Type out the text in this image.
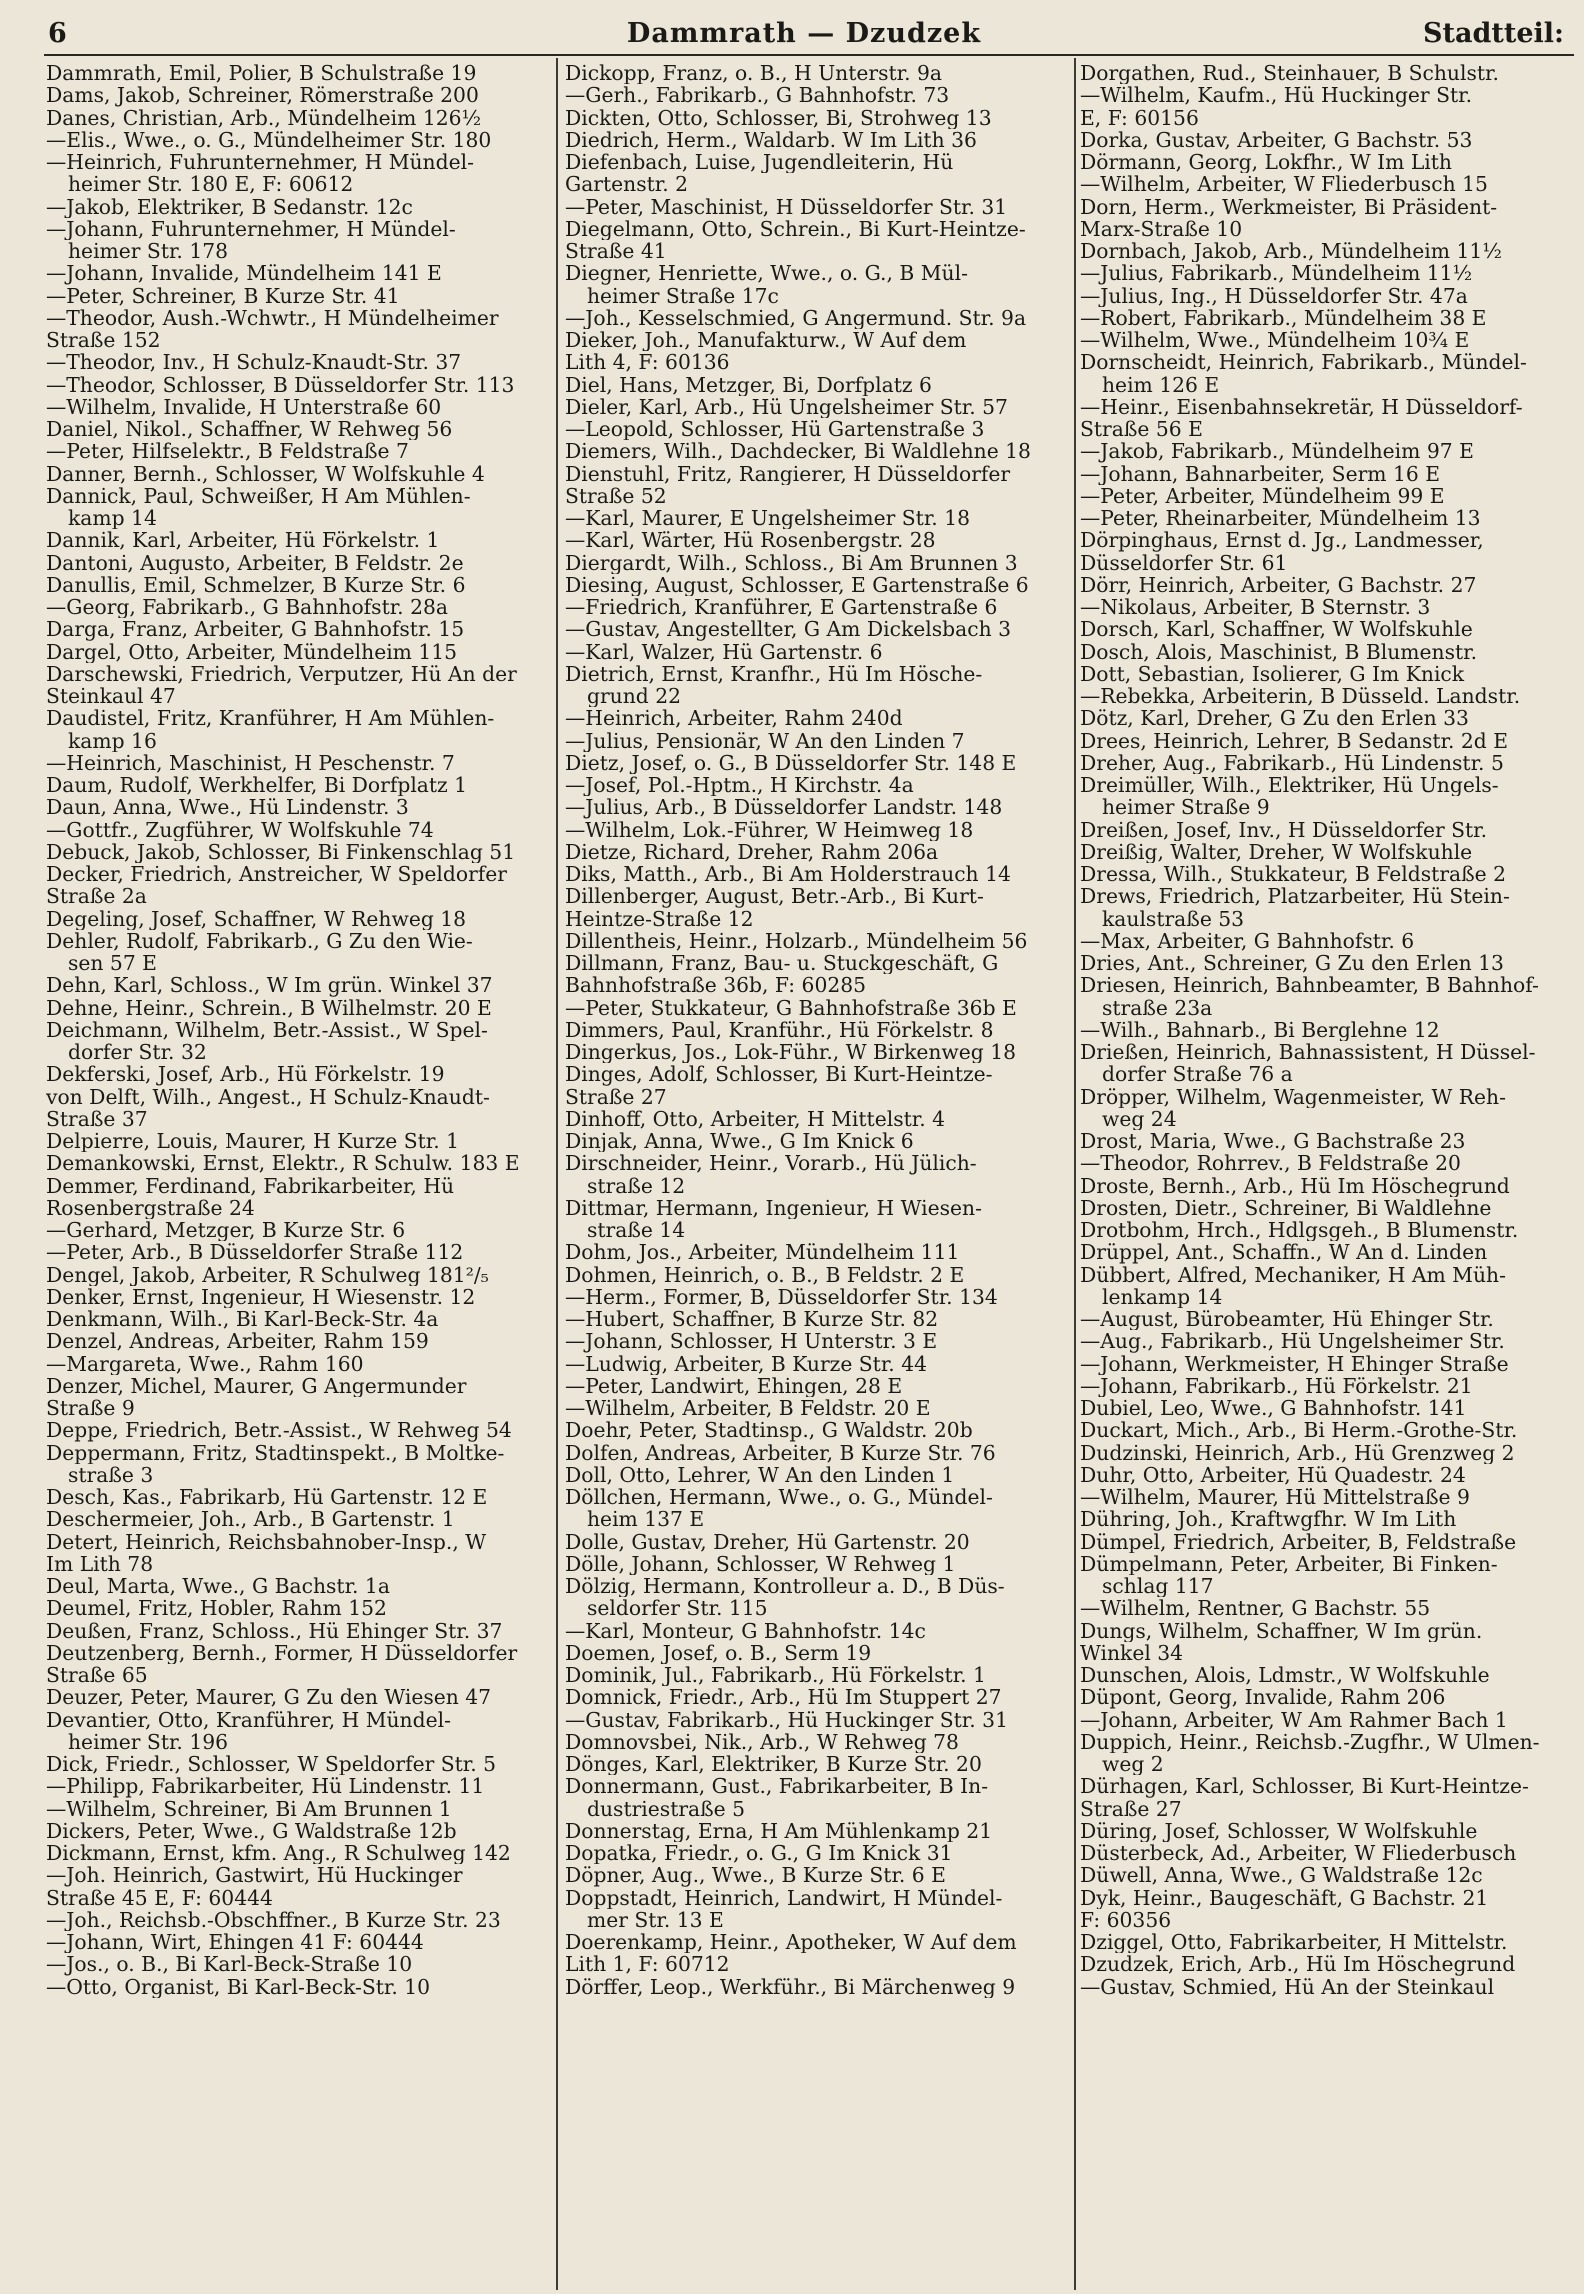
6	Dammrath — Dzudzek	Stadtteil:
Dammrath, Emil, Polier, B Schulstraße 19
Dams, Jakob, Schreiner, Römerstraße 200
Danes, Christian, Arb., Mündelheim 126½
—Elis., Wwe., o. G., Mündelheimer Str. 180
—Heinrich, Fuhrunternehmer, H Mündel-
heimer Str. 180 E, F: 60612
—Jakob, Elektriker, B Sedanstr. 12c
—Johann, Fuhrunternehmer, H Mündel-
heimer Str. 178
—Johann, Invalide, Mündelheim 141 E
—Peter, Schreiner, B Kurze Str. 41
—Theodor, Aush.-Wchwtr., H Mündelheimer
Straße 152
—Theodor, Inv., H Schulz-Knaudt-Str. 37
—Theodor, Schlosser, B Düsseldorfer Str. 113
—Wilhelm, Invalide, H Unterstraße 60
Daniel, Nikol., Schaffner, W Rehweg 56
—Peter, Hilfselektr., B Feldstraße 7
Danner, Bernh., Schlosser, W Wolfskuhle 4
Dannick, Paul, Schweißer, H Am Mühlen-
kamp 14
Dannik, Karl, Arbeiter, Hü Förkelstr. 1
Dantoni, Augusto, Arbeiter, B Feldstr. 2e
Danullis, Emil, Schmelzer, B Kurze Str. 6
—Georg, Fabrikarb., G Bahnhofstr. 28a
Darga, Franz, Arbeiter, G Bahnhofstr. 15
Dargel, Otto, Arbeiter, Mündelheim 115
Darschewski, Friedrich, Verputzer, Hü An der
Steinkaul 47
Daudistel, Fritz, Kranführer, H Am Mühlen-
kamp 16
—Heinrich, Maschinist, H Peschenstr. 7
Daum, Rudolf, Werkhelfer, Bi Dorfplatz 1
Daun, Anna, Wwe., Hü Lindenstr. 3
—Gottfr., Zugführer, W Wolfskuhle 74
Debuck, Jakob, Schlosser, Bi Finkenschlag 51
Decker, Friedrich, Anstreicher, W Speldorfer
Straße 2a
Degeling, Josef, Schaffner, W Rehweg 18
Dehler, Rudolf, Fabrikarb., G Zu den Wie-
sen 57 E
Dehn, Karl, Schloss., W Im grün. Winkel 37
Dehne, Heinr., Schrein., B Wilhelmstr. 20 E
Deichmann, Wilhelm, Betr.-Assist., W Spel-
dorfer Str. 32
Dekferski, Josef, Arb., Hü Förkelstr. 19
von Delft, Wilh., Angest., H Schulz-Knaudt-
Straße 37
Delpierre, Louis, Maurer, H Kurze Str. 1
Demankowski, Ernst, Elektr., R Schulw. 183 E
Demmer, Ferdinand, Fabrikarbeiter, Hü
Rosenbergstraße 24
—Gerhard, Metzger, B Kurze Str. 6
—Peter, Arb., B Düsseldorfer Straße 112
Dengel, Jakob, Arbeiter, R Schulweg 181²/₅
Denker, Ernst, Ingenieur, H Wiesenstr. 12
Denkmann, Wilh., Bi Karl-Beck-Str. 4a
Denzel, Andreas, Arbeiter, Rahm 159
—Margareta, Wwe., Rahm 160
Denzer, Michel, Maurer, G Angermunder
Straße 9
Deppe, Friedrich, Betr.-Assist., W Rehweg 54
Deppermann, Fritz, Stadtinspekt., B Moltke-
straße 3
Desch, Kas., Fabrikarb, Hü Gartenstr. 12 E
Deschermeier, Joh., Arb., B Gartenstr. 1
Detert, Heinrich, Reichsbahnober-Insp., W
Im Lith 78
Deul, Marta, Wwe., G Bachstr. 1a
Deumel, Fritz, Hobler, Rahm 152
Deußen, Franz, Schloss., Hü Ehinger Str. 37
Deutzenberg, Bernh., Former, H Düsseldorfer
Straße 65
Deuzer, Peter, Maurer, G Zu den Wiesen 47
Devantier, Otto, Kranführer, H Mündel-
heimer Str. 196
Dick, Friedr., Schlosser, W Speldorfer Str. 5
—Philipp, Fabrikarbeiter, Hü Lindenstr. 11
—Wilhelm, Schreiner, Bi Am Brunnen 1
Dickers, Peter, Wwe., G Waldstraße 12b
Dickmann, Ernst, kfm. Ang., R Schulweg 142
—Joh. Heinrich, Gastwirt, Hü Huckinger
Straße 45 E, F: 60444
—Joh., Reichsb.-Obschffner., B Kurze Str. 23
—Johann, Wirt, Ehingen 41 F: 60444
—Jos., o. B., Bi Karl-Beck-Straße 10
—Otto, Organist, Bi Karl-Beck-Str. 10
Dickopp, Franz, o. B., H Unterstr. 9a
—Gerh., Fabrikarb., G Bahnhofstr. 73
Dickten, Otto, Schlosser, Bi, Strohweg 13
Diedrich, Herm., Waldarb. W Im Lith 36
Diefenbach, Luise, Jugendleiterin, Hü
Gartenstr. 2
—Peter, Maschinist, H Düsseldorfer Str. 31
Diegelmann, Otto, Schrein., Bi Kurt-Heintze-
Straße 41
Diegner, Henriette, Wwe., o. G., B Mül-
heimer Straße 17c
—Joh., Kesselschmied, G Angermund. Str. 9a
Dieker, Joh., Manufakturw., W Auf dem
Lith 4, F: 60136
Diel, Hans, Metzger, Bi, Dorfplatz 6
Dieler, Karl, Arb., Hü Ungelsheimer Str. 57
—Leopold, Schlosser, Hü Gartenstraße 3
Diemers, Wilh., Dachdecker, Bi Waldlehne 18
Dienstuhl, Fritz, Rangierer, H Düsseldorfer
Straße 52
—Karl, Maurer, E Ungelsheimer Str. 18
—Karl, Wärter, Hü Rosenbergstr. 28
Diergardt, Wilh., Schloss., Bi Am Brunnen 3
Diesing, August, Schlosser, E Gartenstraße 6
—Friedrich, Kranführer, E Gartenstraße 6
—Gustav, Angestellter, G Am Dickelsbach 3
—Karl, Walzer, Hü Gartenstr. 6
Dietrich, Ernst, Kranfhr., Hü Im Höschе-
grund 22
—Heinrich, Arbeiter, Rahm 240d
—Julius, Pensionär, W An den Linden 7
Dietz, Josef, o. G., B Düsseldorfer Str. 148 E
—Josef, Pol.-Hptm., H Kirchstr. 4a
—Julius, Arb., B Düsseldorfer Landstr. 148
—Wilhelm, Lok.-Führer, W Heimweg 18
Dietze, Richard, Dreher, Rahm 206a
Diks, Matth., Arb., Bi Am Holderstrauch 14
Dillenberger, August, Betr.-Arb., Bi Kurt-
Heintze-Straße 12
Dillentheis, Heinr., Holzarb., Mündelheim 56
Dillmann, Franz, Bau- u. Stuckgeschäft, G
Bahnhofstraße 36b, F: 60285
—Peter, Stukkateur, G Bahnhofstraße 36b E
Dimmers, Paul, Kranführ., Hü Förkelstr. 8
Dingerkus, Jos., Lok-Führ., W Birkenweg 18
Dinges, Adolf, Schlosser, Bi Kurt-Heintze-
Straße 27
Dinhoff, Otto, Arbeiter, H Mittelstr. 4
Dinjak, Anna, Wwe., G Im Knick 6
Dirschneider, Heinr., Vorarb., Hü Jülich-
straße 12
Dittmar, Hermann, Ingenieur, H Wiesen-
straße 14
Dohm, Jos., Arbeiter, Mündelheim 111
Dohmen, Heinrich, o. B., B Feldstr. 2 E
—Herm., Former, B, Düsseldorfer Str. 134
—Hubert, Schaffner, B Kurze Str. 82
—Johann, Schlosser, H Unterstr. 3 E
—Ludwig, Arbeiter, B Kurze Str. 44
—Peter, Landwirt, Ehingen, 28 E
—Wilhelm, Arbeiter, B Feldstr. 20 E
Doehr, Peter, Stadtinsp., G Waldstr. 20b
Dolfen, Andreas, Arbeiter, B Kurze Str. 76
Doll, Otto, Lehrer, W An den Linden 1
Döllchen, Hermann, Wwe., o. G., Mündel-
heim 137 E
Dolle, Gustav, Dreher, Hü Gartenstr. 20
Dölle, Johann, Schlosser, W Rehweg 1
Dölzig, Hermann, Kontrolleur a. D., B Düs-
seldorfer Str. 115
—Karl, Monteur, G Bahnhofstr. 14c
Doemen, Josef, o. B., Serm 19
Dominik, Jul., Fabrikarb., Hü Förkelstr. 1
Domnick, Friedr., Arb., Hü Im Stuppert 27
—Gustav, Fabrikarb., Hü Huckinger Str. 31
Domnovsbei, Nik., Arb., W Rehweg 78
Dönges, Karl, Elektriker, B Kurze Str. 20
Donnermann, Gust., Fabrikarbeiter, B In-
dustriestraße 5
Donnerstag, Erna, H Am Mühlenkamp 21
Dopatka, Friedr., o. G., G Im Knick 31
Döpner, Aug., Wwe., B Kurze Str. 6 E
Doppstadt, Heinrich, Landwirt, H Mündel-
mer Str. 13 E
Doerenkamp, Heinr., Apotheker, W Auf dem
Lith 1, F: 60712
Dörffer, Leop., Werkführ., Bi Märchenweg 9
Dorgathen, Rud., Steinhauer, B Schulstr.
—Wilhelm, Kaufm., Hü Huckinger Str.
E, F: 60156
Dorka, Gustav, Arbeiter, G Bachstr. 53
Dörmann, Georg, Lokfhr., W Im Lith
—Wilhelm, Arbeiter, W Fliederbusch 15
Dorn, Herm., Werkmeister, Bi Präsident-
Marx-Straße 10
Dornbach, Jakob, Arb., Mündelheim 11½
—Julius, Fabrikarb., Mündelheim 11½
—Julius, Ing., H Düsseldorfer Str. 47a
—Robert, Fabrikarb., Mündelheim 38 E
—Wilhelm, Wwe., Mündelheim 10¾ E
Dornscheidt, Heinrich, Fabrikarb., Mündel-
heim 126 E
—Heinr., Eisenbahnsekretär, H Düsseldorf-
Straße 56 E
—Jakob, Fabrikarb., Mündelheim 97 E
—Johann, Bahnarbeiter, Serm 16 E
—Peter, Arbeiter, Mündelheim 99 E
—Peter, Rheinarbeiter, Mündelheim 13
Dörpinghaus, Ernst d. Jg., Landmesser,
Düsseldorfer Str. 61
Dörr, Heinrich, Arbeiter, G Bachstr. 27
—Nikolaus, Arbeiter, B Sternstr. 3
Dorsch, Karl, Schaffner, W Wolfskuhle
Dosch, Alois, Maschinist, B Blumenstr.
Dott, Sebastian, Isolierer, G Im Knick
—Rebekka, Arbeiterin, B Düsseld. Landstr.
Dötz, Karl, Dreher, G Zu den Erlen 33
Drees, Heinrich, Lehrer, B Sedanstr. 2d E
Dreher, Aug., Fabrikarb., Hü Lindenstr. 5
Dreimüller, Wilh., Elektriker, Hü Ungels-
heimer Straße 9
Dreißen, Josef, Inv., H Düsseldorfer Str.
Dreißig, Walter, Dreher, W Wolfskuhle
Dressa, Wilh., Stukkateur, B Feldstraße 2
Drews, Friedrich, Platzarbeiter, Hü Stein-
kaulstraße 53
—Max, Arbeiter, G Bahnhofstr. 6
Dries, Ant., Schreiner, G Zu den Erlen 13
Driesen, Heinrich, Bahnbeamter, B Bahnhof-
straße 23a
—Wilh., Bahnarb., Bi Berglehne 12
Drießen, Heinrich, Bahnassistent, H Düssel-
dorfer Straße 76 a
Dröpper, Wilhelm, Wagenmeister, W Reh-
weg 24
Drost, Maria, Wwe., G Bachstraße 23
—Theodor, Rohrrev., B Feldstraße 20
Droste, Bernh., Arb., Hü Im Höschegrund
Drosten, Dietr., Schreiner, Bi Waldlehne
Drotbohm, Hrch., Hdlgsgeh., B Blumenstr.
Drüppel, Ant., Schaffn., W An d. Linden
Dübbert, Alfred, Mechaniker, H Am Müh-
lenkamp 14
—August, Bürobeamter, Hü Ehinger Str.
—Aug., Fabrikarb., Hü Ungelsheimer Str.
—Johann, Werkmeister, H Ehinger Straße
—Johann, Fabrikarb., Hü Förkelstr. 21
Dubiel, Leo, Wwe., G Bahnhofstr. 141
Duckart, Mich., Arb., Bi Herm.-Grothe-Str.
Dudzinski, Heinrich, Arb., Hü Grenzweg 2
Duhr, Otto, Arbeiter, Hü Quadestr. 24
—Wilhelm, Maurer, Hü Mittelstraße 9
Dühring, Joh., Kraftwgfhr. W Im Lith
Dümpel, Friedrich, Arbeiter, B, Feldstraße
Dümpelmann, Peter, Arbeiter, Bi Finken-
schlag 117
—Wilhelm, Rentner, G Bachstr. 55
Dungs, Wilhelm, Schaffner, W Im grün.
Winkel 34
Dunschen, Alois, Ldmstr., W Wolfskuhle
Düpont, Georg, Invalide, Rahm 206
—Johann, Arbeiter, W Am Rahmer Bach 1
Duppich, Heinr., Reichsb.-Zugfhr., W Ulmen-
weg 2
Dürhagen, Karl, Schlosser, Bi Kurt-Heintze-
Straße 27
Düring, Josef, Schlosser, W Wolfskuhle
Düsterbeck, Ad., Arbeiter, W Fliederbusch
Düwell, Anna, Wwe., G Waldstraße 12c
Dyk, Heinr., Baugeschäft, G Bachstr. 21
F: 60356
Dziggel, Otto, Fabrikarbeiter, H Mittelstr.
Dzudzek, Erich, Arb., Hü Im Höschegrund
—Gustav, Schmied, Hü An der Steinkaul
